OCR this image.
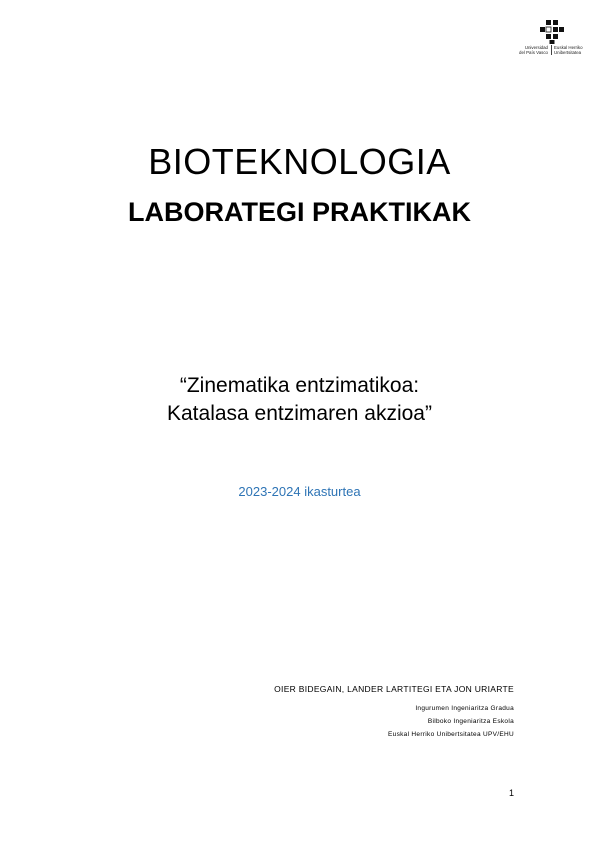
Universidad
del País Vasco
Euskal Herriko
Unibertsitatea
BIOTEKNOLOGIA
LABORATEGI PRAKTIKAK
“Zinematika entzimatikoa:
Katalasa entzimaren akzioa”

2023-2024 ikasturtea

OIER BIDEGAIN, LANDER LARTITEGI ETA JON URIARTE

Ingurumen Ingeniaritza Gradua

Bilboko Ingeniaritza Eskola

Euskal Herriko Unibertsitatea UPV/EHU

1
